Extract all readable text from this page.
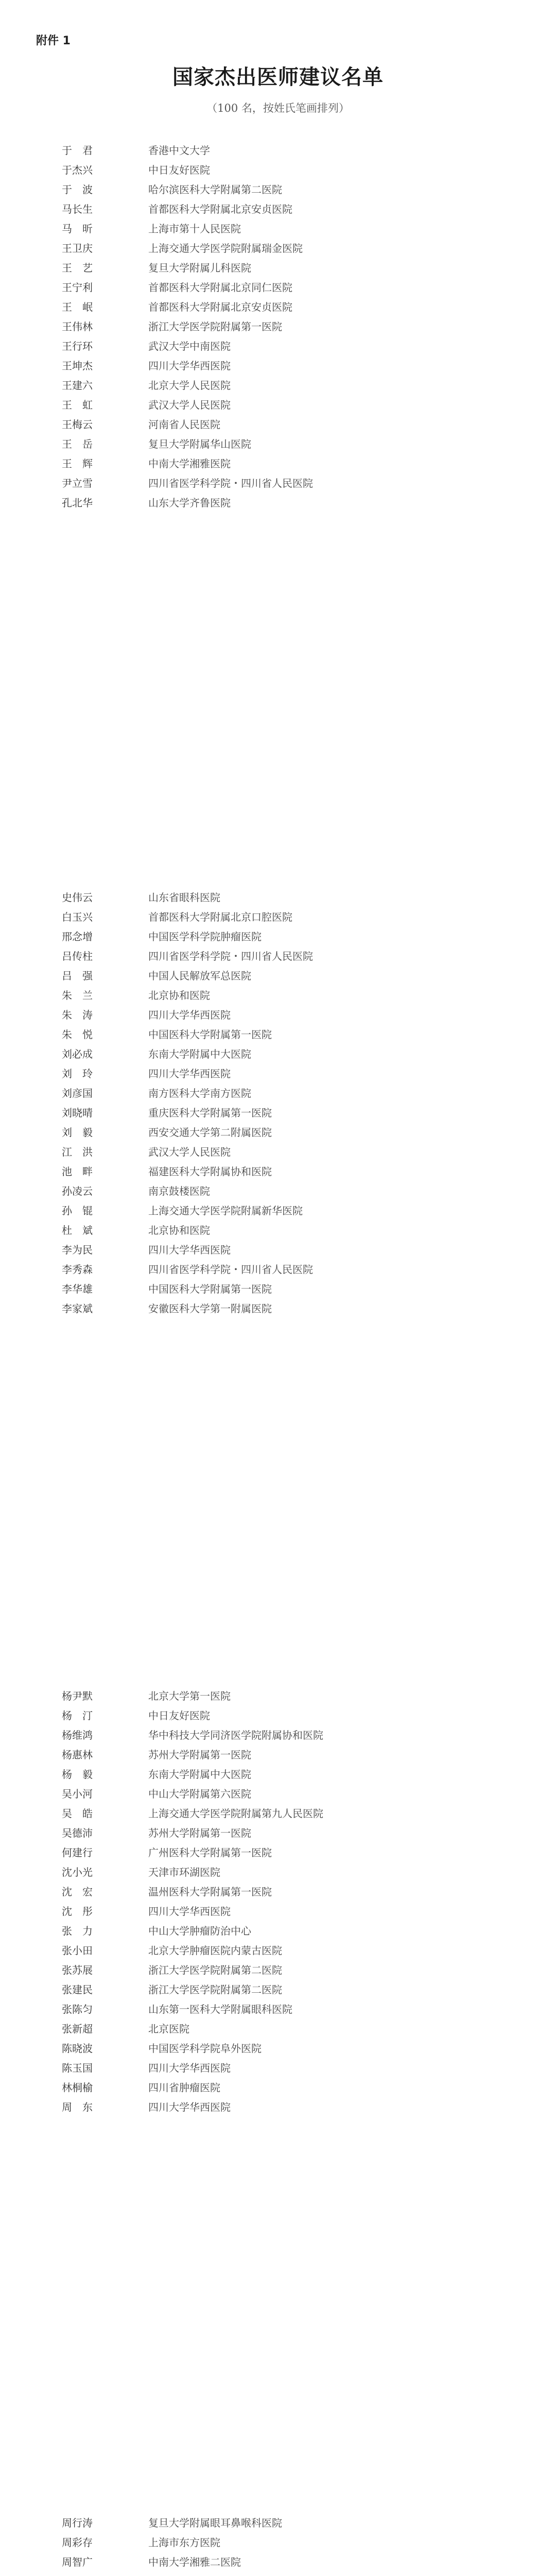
附件 1
国家杰出医师建议名单
（100 名，按姓氏笔画排列）
于　君	香港中文大学
于杰兴	中日友好医院
于　波	哈尔滨医科大学附属第二医院
马长生	首都医科大学附属北京安贞医院
马　昕	上海市第十人民医院
王卫庆	上海交通大学医学院附属瑞金医院
王　艺	复旦大学附属儿科医院
王宁利	首都医科大学附属北京同仁医院
王　岷	首都医科大学附属北京安贞医院
王伟林	浙江大学医学院附属第一医院
王行环	武汉大学中南医院
王坤杰	四川大学华西医院
王建六	北京大学人民医院
王　虹	武汉大学人民医院
王梅云	河南省人民医院
王　岳	复旦大学附属华山医院
王　辉	中南大学湘雅医院
尹立雪	四川省医学科学院・四川省人民医院
孔北华	山东大学齐鲁医院
史伟云	山东省眼科医院
白玉兴	首都医科大学附属北京口腔医院
邢念增	中国医学科学院肿瘤医院
吕传柱	四川省医学科学院・四川省人民医院
吕　强	中国人民解放军总医院
朱　兰	北京协和医院
朱　涛	四川大学华西医院
朱　悦	中国医科大学附属第一医院
刘必成	东南大学附属中大医院
刘　玲	四川大学华西医院
刘彦国	南方医科大学南方医院
刘晓晴	重庆医科大学附属第一医院
刘　毅	西安交通大学第二附属医院
江　洪	武汉大学人民医院
池　畔	福建医科大学附属协和医院
孙凌云	南京鼓楼医院
孙　锟	上海交通大学医学院附属新华医院
杜　斌	北京协和医院
李为民	四川大学华西医院
李秀森	四川省医学科学院・四川省人民医院
李华雄	中国医科大学附属第一医院
李家斌	安徽医科大学第一附属医院
杨尹默	北京大学第一医院
杨　汀	中日友好医院
杨维鸿	华中科技大学同济医学院附属协和医院
杨惠林	苏州大学附属第一医院
杨　毅	东南大学附属中大医院
吴小河	中山大学附属第六医院
吴　皓	上海交通大学医学院附属第九人民医院
吴德沛	苏州大学附属第一医院
何建行	广州医科大学附属第一医院
沈小光	天津市环湖医院
沈　宏	温州医科大学附属第一医院
沈　彤	四川大学华西医院
张　力	中山大学肿瘤防治中心
张小田	北京大学肿瘤医院内蒙古医院
张苏展	浙江大学医学院附属第二医院
张建民	浙江大学医学院附属第二医院
张陈匀	山东第一医科大学附属眼科医院
张新超	北京医院
陈晓波	中国医学科学院阜外医院
陈玉国	四川大学华西医院
林桐榆	四川省肿瘤医院
周　东	四川大学华西医院
周行涛	复旦大学附属眼耳鼻喉科医院
周彩存	上海市东方医院
周智广	中南大学湘雅二医院
